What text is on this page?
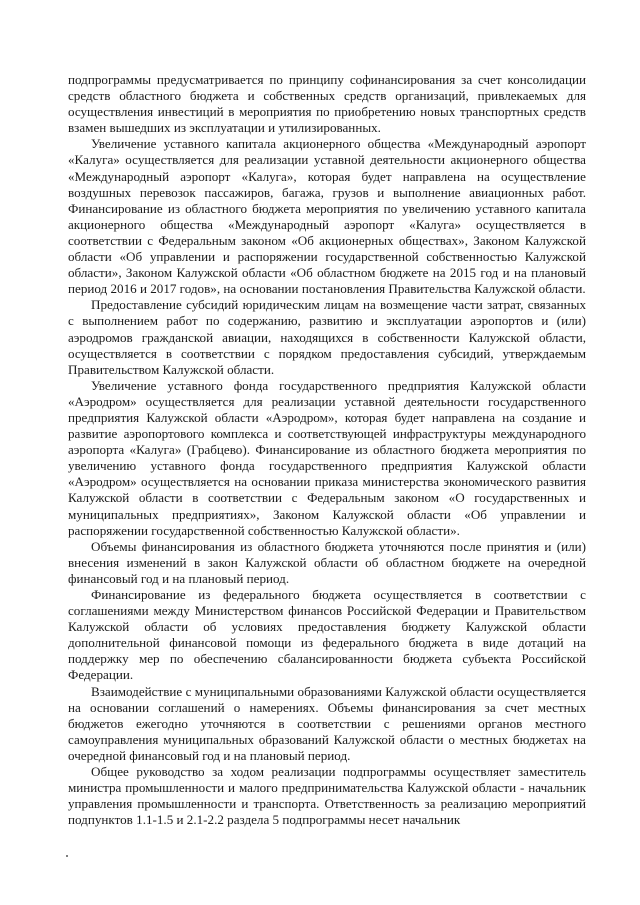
подпрограммы предусматривается по принципу софинансирования за счет консолидации средств областного бюджета и собственных средств организаций, привлекаемых для осуществления инвестиций в мероприятия по приобретению новых транспортных средств взамен вышедших из эксплуатации и утилизированных.

Увеличение уставного капитала акционерного общества «Международный аэропорт «Калуга» осуществляется для реализации уставной деятельности акционерного общества «Международный аэропорт «Калуга», которая будет направлена на осуществление воздушных перевозок пассажиров, багажа, грузов и выполнение авиационных работ. Финансирование из областного бюджета мероприятия по увеличению уставного капитала акционерного общества «Международный аэропорт «Калуга» осуществляется в соответствии с Федеральным законом «Об акционерных обществах», Законом Калужской области «Об управлении и распоряжении государственной собственностью Калужской области», Законом Калужской области «Об областном бюджете на 2015 год и на плановый период 2016 и 2017 годов», на основании постановления Правительства Калужской области.

Предоставление субсидий юридическим лицам на возмещение части затрат, связанных с выполнением работ по содержанию, развитию и эксплуатации аэропортов и (или) аэродромов гражданской авиации, находящихся в собственности Калужской области, осуществляется в соответствии с порядком предоставления субсидий, утверждаемым Правительством Калужской области.

Увеличение уставного фонда государственного предприятия Калужской области «Аэродром» осуществляется для реализации уставной деятельности государственного предприятия Калужской области «Аэродром», которая будет направлена на создание и развитие аэропортового комплекса и соответствующей инфраструктуры международного аэропорта «Калуга» (Грабцево). Финансирование из областного бюджета мероприятия по увеличению уставного фонда государственного предприятия Калужской области «Аэродром» осуществляется на основании приказа министерства экономического развития Калужской области в соответствии с Федеральным законом «О государственных и муниципальных предприятиях», Законом Калужской области «Об управлении и распоряжении государственной собственностью Калужской области».

Объемы финансирования из областного бюджета уточняются после принятия и (или) внесения изменений в закон Калужской области об областном бюджете на очередной финансовый год и на плановый период.

Финансирование из федерального бюджета осуществляется в соответствии с соглашениями между Министерством финансов Российской Федерации и Правительством Калужской области об условиях предоставления бюджету Калужской области дополнительной финансовой помощи из федерального бюджета в виде дотаций на поддержку мер по обеспечению сбалансированности бюджета субъекта Российской Федерации.

Взаимодействие с муниципальными образованиями Калужской области осуществляется на основании соглашений о намерениях. Объемы финансирования за счет местных бюджетов ежегодно уточняются в соответствии с решениями органов местного самоуправления муниципальных образований Калужской области о местных бюджетах на очередной финансовый год и на плановый период.

Общее руководство за ходом реализации подпрограммы осуществляет заместитель министра промышленности и малого предпринимательства Калужской области - начальник управления промышленности и транспорта. Ответственность за реализацию мероприятий подпунктов 1.1-1.5 и 2.1-2.2 раздела 5 подпрограммы несет начальник
